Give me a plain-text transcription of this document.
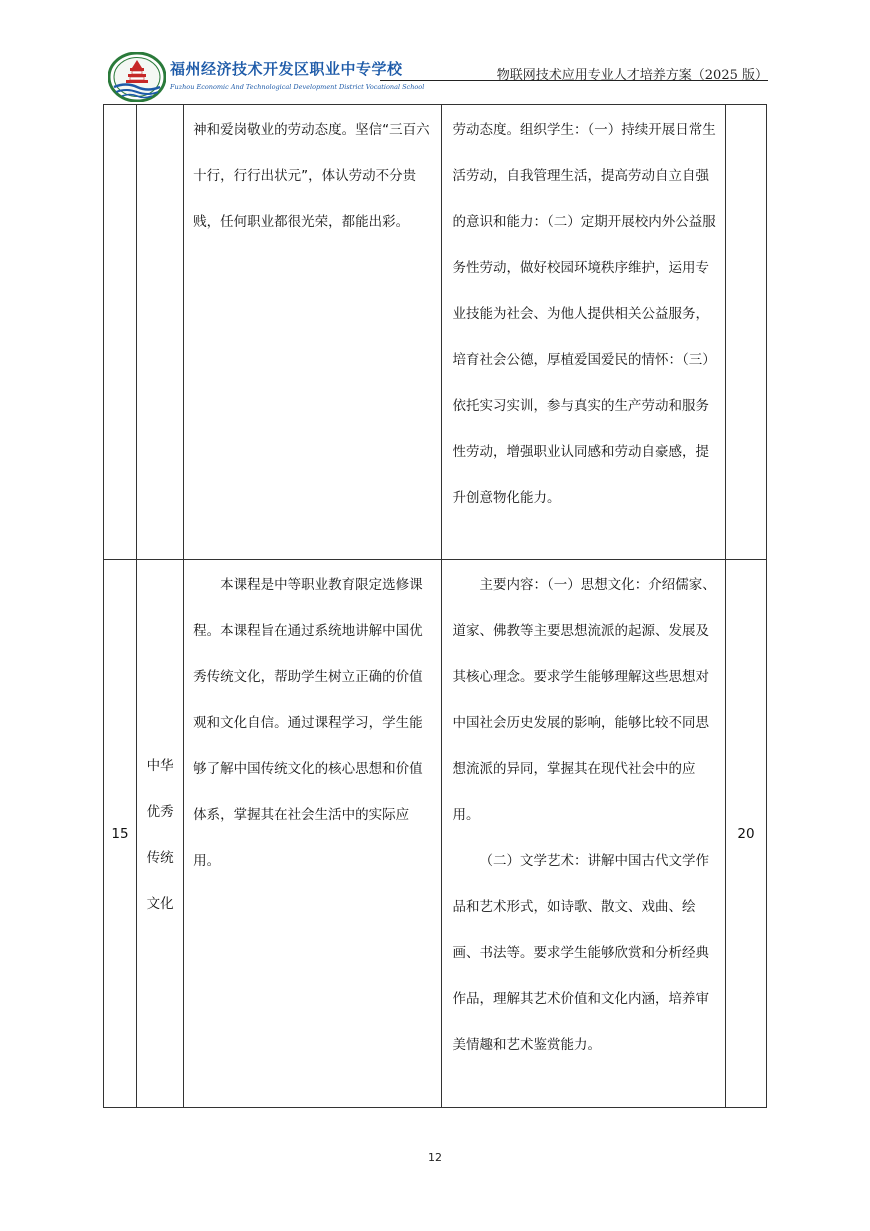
福州经济技术开发区职业中专学校
Fuzhou Economic And Technological Development District Vocational School
物联网技术应用专业人才培养方案（2025 版）

		神和爱岗敬业的劳动态度。坚信“三百六十行，行行出状元”，体认劳动不分贵贱，任何职业都很光荣，都能出彩。	劳动态度。组织学生：（一）持续开展日常生活劳动，自我管理生活，提高劳动自立自强的意识和能力：（二）定期开展校内外公益服务性劳动，做好校园环境秩序维护，运用专业技能为社会、为他人提供相关公益服务，培育社会公德，厚植爱国爱民的情怀：（三）依托实习实训，参与真实的生产劳动和服务性劳动，增强职业认同感和劳动自豪感，提升创意物化能力。	

15	中华优秀传统文化	本课程是中等职业教育限定选修课程。本课程旨在通过系统地讲解中国优秀传统文化，帮助学生树立正确的价值观和文化自信。通过课程学习，学生能够了解中国传统文化的核心思想和价值体系，掌握其在社会生活中的实际应用。	主要内容：（一）思想文化：介绍儒家、道家、佛教等主要思想流派的起源、发展及其核心理念。要求学生能够理解这些思想对中国社会历史发展的影响，能够比较不同思想流派的异同，掌握其在现代社会中的应用。
（二）文学艺术：讲解中国古代文学作品和艺术形式，如诗歌、散文、戏曲、绘画、书法等。要求学生能够欣赏和分析经典作品，理解其艺术价值和文化内涵，培养审美情趣和艺术鉴赏能力。	20
12
